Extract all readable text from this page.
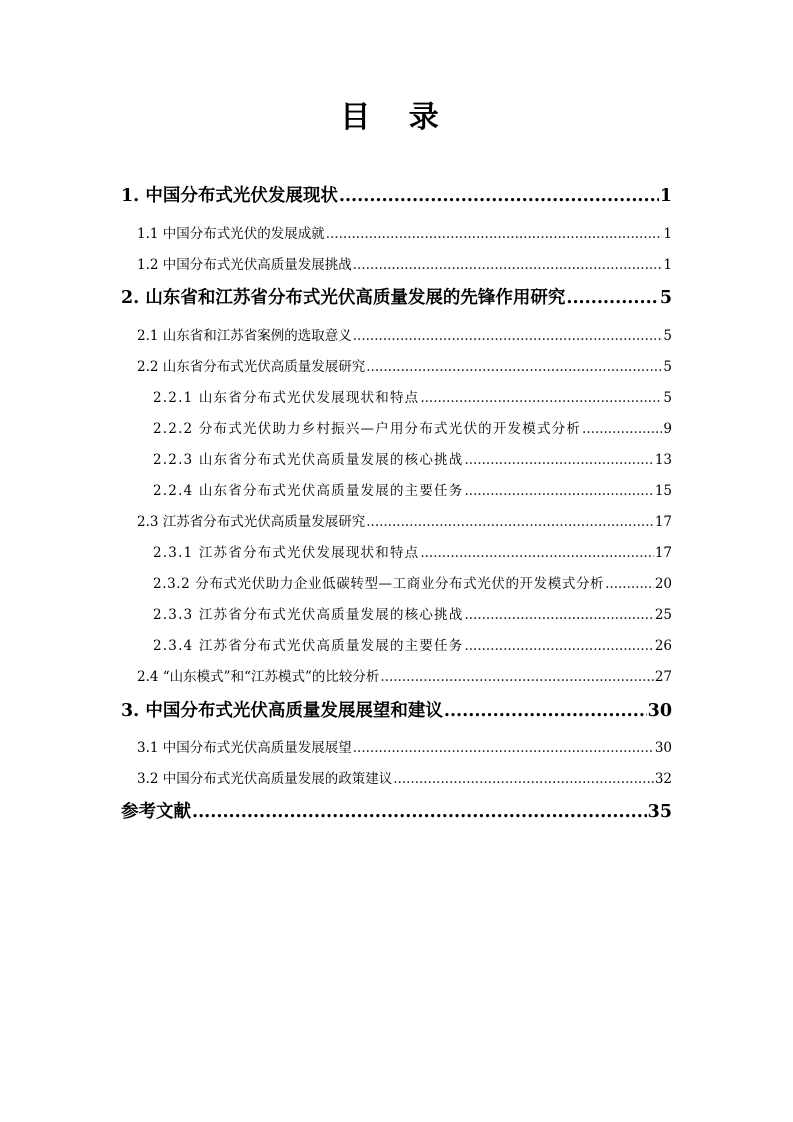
目 录
1. 中国分布式光伏发展现状 .....	1
1.1 中国分布式光伏的发展成就 .....	1
1.2 中国分布式光伏高质量发展挑战 .....	1
2. 山东省和江苏省分布式光伏高质量发展的先锋作用研究 .....	5
2.1 山东省和江苏省案例的选取意义 .....	5
2.2 山东省分布式光伏高质量发展研究 .....	5
2.2.1 山东省分布式光伏发展现状和特点 .....	5
2.2.2 分布式光伏助力乡村振兴—户用分布式光伏的开发模式分析 .....	9
2.2.3 山东省分布式光伏高质量发展的核心挑战 .....	13
2.2.4 山东省分布式光伏高质量发展的主要任务 .....	15
2.3 江苏省分布式光伏高质量发展研究 .....	17
2.3.1 江苏省分布式光伏发展现状和特点 .....	17
2.3.2 分布式光伏助力企业低碳转型—工商业分布式光伏的开发模式分析 .....	20
2.3.3 江苏省分布式光伏高质量发展的核心挑战 .....	25
2.3.4 江苏省分布式光伏高质量发展的主要任务 .....	26
2.4 “山东模式”和“江苏模式”的比较分析 .....	27
3. 中国分布式光伏高质量发展展望和建议 .....	30
3.1 中国分布式光伏高质量发展展望 .....	30
3.2 中国分布式光伏高质量发展的政策建议 .....	32
参考文献 .....	35
